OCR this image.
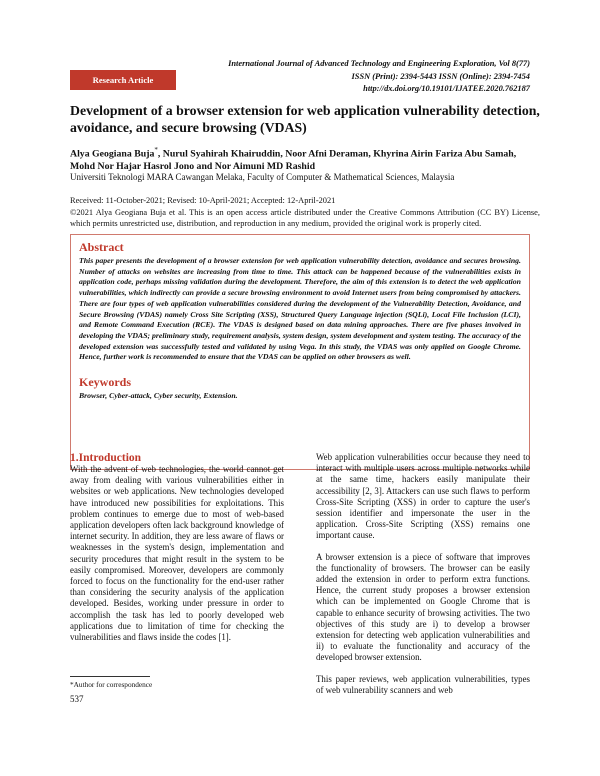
International Journal of Advanced Technology and Engineering Exploration, Vol 8(77)
ISSN (Print): 2394-5443 ISSN (Online): 2394-7454
http://dx.doi.org/10.19101/IJATEE.2020.762187
Research Article
Development of a browser extension for web application vulnerability detection, avoidance, and secure browsing (VDAS)
Alya Geogiana Buja*, Nurul Syahirah Khairuddin, Noor Afni Deraman, Khyrina Airin Fariza Abu Samah, Mohd Nor Hajar Hasrol Jono and Nor Aimuni MD Rashid
Universiti Teknologi MARA Cawangan Melaka, Faculty of Computer & Mathematical Sciences, Malaysia
Received: 11-October-2021; Revised: 10-April-2021; Accepted: 12-April-2021
©2021 Alya Geogiana Buja et al. This is an open access article distributed under the Creative Commons Attribution (CC BY) License, which permits unrestricted use, distribution, and reproduction in any medium, provided the original work is properly cited.
Abstract

This paper presents the development of a browser extension for web application vulnerability detection, avoidance and secures browsing. Number of attacks on websites are increasing from time to time. This attack can be happened because of the vulnerabilities exists in application code, perhaps missing validation during the development. Therefore, the aim of this extension is to detect the web application vulnerabilities, which indirectly can provide a secure browsing environment to avoid Internet users from being compromised by attackers. There are four types of web application vulnerabilities considered during the development of the Vulnerability Detection, Avoidance, and Secure Browsing (VDAS) namely Cross Site Scripting (XSS), Structured Query Language injection (SQLi), Local File Inclusion (LCI), and Remote Command Execution (RCE). The VDAS is designed based on data mining approaches. There are five phases involved in developing the VDAS; preliminary study, requirement analysis, system design, system development and system testing. The accuracy of the developed extension was successfully tested and validated by using Vega. In this study, the VDAS was only applied on Google Chrome. Hence, further work is recommended to ensure that the VDAS can be applied on other browsers as well.

Keywords

Browser, Cyber-attack, Cyber security, Extension.

1.Introduction

With the advent of web technologies, the world cannot get away from dealing with various vulnerabilities either in websites or web applications. New technologies developed have introduced new possibilities for exploitations. This problem continues to emerge due to most of web-based application developers often lack background knowledge of internet security. In addition, they are less aware of flaws or weaknesses in the system's design, implementation and security procedures that might result in the system to be easily compromised. Moreover, developers are commonly forced to focus on the functionality for the end-user rather than considering the security analysis of the application developed. Besides, working under pressure in order to accomplish the task has led to poorly developed web applications due to limitation of time for checking the vulnerabilities and flaws inside the codes [1].

Web application vulnerabilities occur because they need to interact with multiple users across multiple networks while at the same time, hackers easily manipulate their accessibility [2, 3]. Attackers can use such flaws to perform Cross-Site Scripting (XSS) in order to capture the user's session identifier and impersonate the user in the application. Cross-Site Scripting (XSS) remains one important cause.

A browser extension is a piece of software that improves the functionality of browsers. The browser can be easily added the extension in order to perform extra functions. Hence, the current study proposes a browser extension which can be implemented on Google Chrome that is capable to enhance security of browsing activities. The two objectives of this study are i) to develop a browser extension for detecting web application vulnerabilities and ii) to evaluate the functionality and accuracy of the developed browser extension.

This paper reviews, web application vulnerabilities, types of web vulnerability scanners and web

*Author for correspondence
537
